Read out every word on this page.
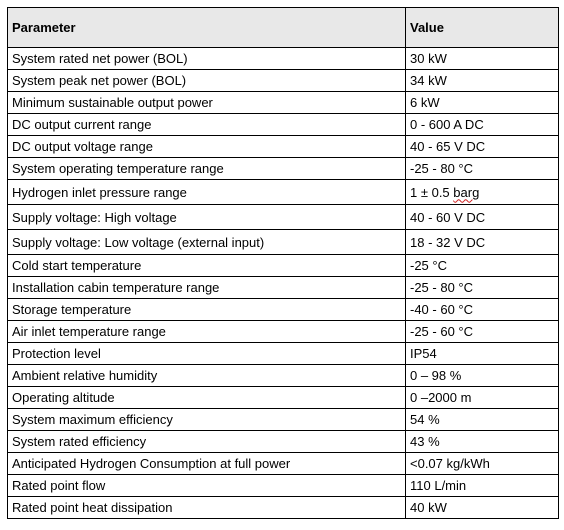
Parameter	Value
System rated net power (BOL)	30 kW
System peak net power (BOL)	34 kW
Minimum sustainable output power	6 kW
DC output current range	0 - 600 A DC
DC output voltage range	40 - 65 V DC
System operating temperature range	-25 - 80 °C
Hydrogen inlet pressure range	1 ± 0.5 barg
Supply voltage: High voltage	40 - 60 V DC
Supply voltage: Low voltage (external input)	18 - 32 V DC
Cold start temperature	-25 °C
Installation cabin temperature range	-25 - 80 °C
Storage temperature	-40 - 60 °C
Air inlet temperature range	-25 - 60 °C
Protection level	IP54
Ambient relative humidity	0 – 98 %
Operating altitude	0 –2000 m
System maximum efficiency	54 %
System rated efficiency	43 %
Anticipated Hydrogen Consumption at full power	<0.07 kg/kWh
Rated point flow	110 L/min
Rated point heat dissipation	40 kW
